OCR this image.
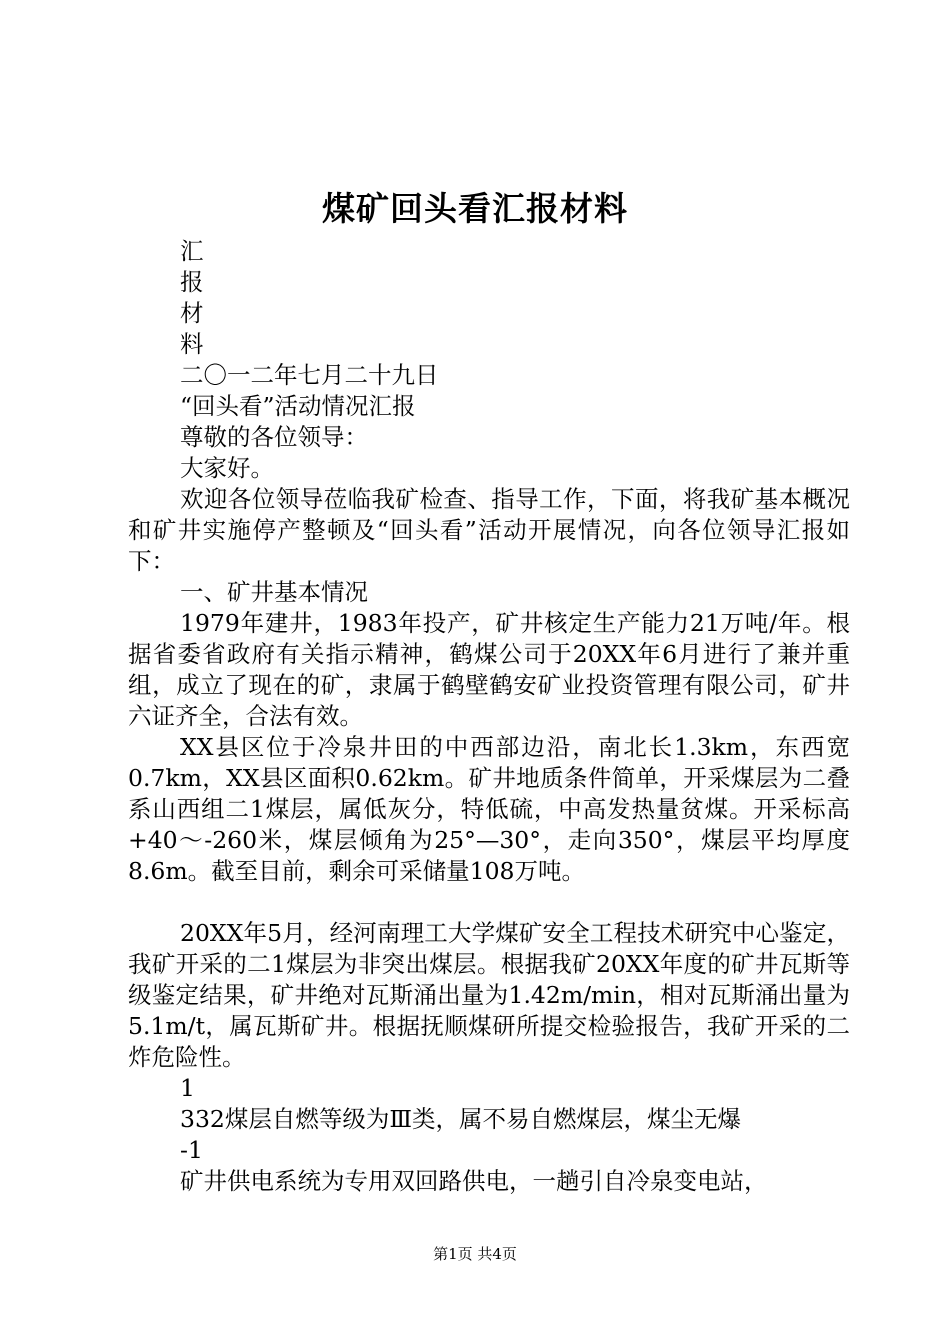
煤矿回头看汇报材料

汇

报

材

料

二〇一二年七月二十九日

“回头看”活动情况汇报

尊敬的各位领导：

大家好。

欢迎各位领导莅临我矿检查、指导工作，下面，将我矿基本概况和矿井实施停产整顿及“回头看”活动开展情况，向各位领导汇报如下：

一、矿井基本情况

1979年建井，1983年投产，矿井核定生产能力21万吨/年。根据省委省政府有关指示精神，鹤煤公司于20XX年6月进行了兼并重组，成立了现在的矿，隶属于鹤壁鹤安矿业投资管理有限公司，矿井六证齐全，合法有效。

XX县区位于冷泉井田的中西部边沿，南北长1.3km，东西宽0.7km，XX县区面积0.62km。矿井地质条件简单，开采煤层为二叠系山西组二1煤层，属低灰分，特低硫，中高发热量贫煤。开采标高+40～-260米，煤层倾角为25°—30°，走向350°，煤层平均厚度8.6m。截至目前，剩余可采储量108万吨。

20XX年5月，经河南理工大学煤矿安全工程技术研究中心鉴定，我矿开采的二1煤层为非突出煤层。根据我矿20XX年度的矿井瓦斯等级鉴定结果，矿井绝对瓦斯涌出量为1.42m/min，相对瓦斯涌出量为5.1m/t，属瓦斯矿井。根据抚顺煤研所提交检验报告，我矿开采的二炸危险性。

1

332煤层自燃等级为Ⅲ类，属不易自燃煤层，煤尘无爆

-1

矿井供电系统为专用双回路供电，一趟引自冷泉变电站，

第1页 共4页
